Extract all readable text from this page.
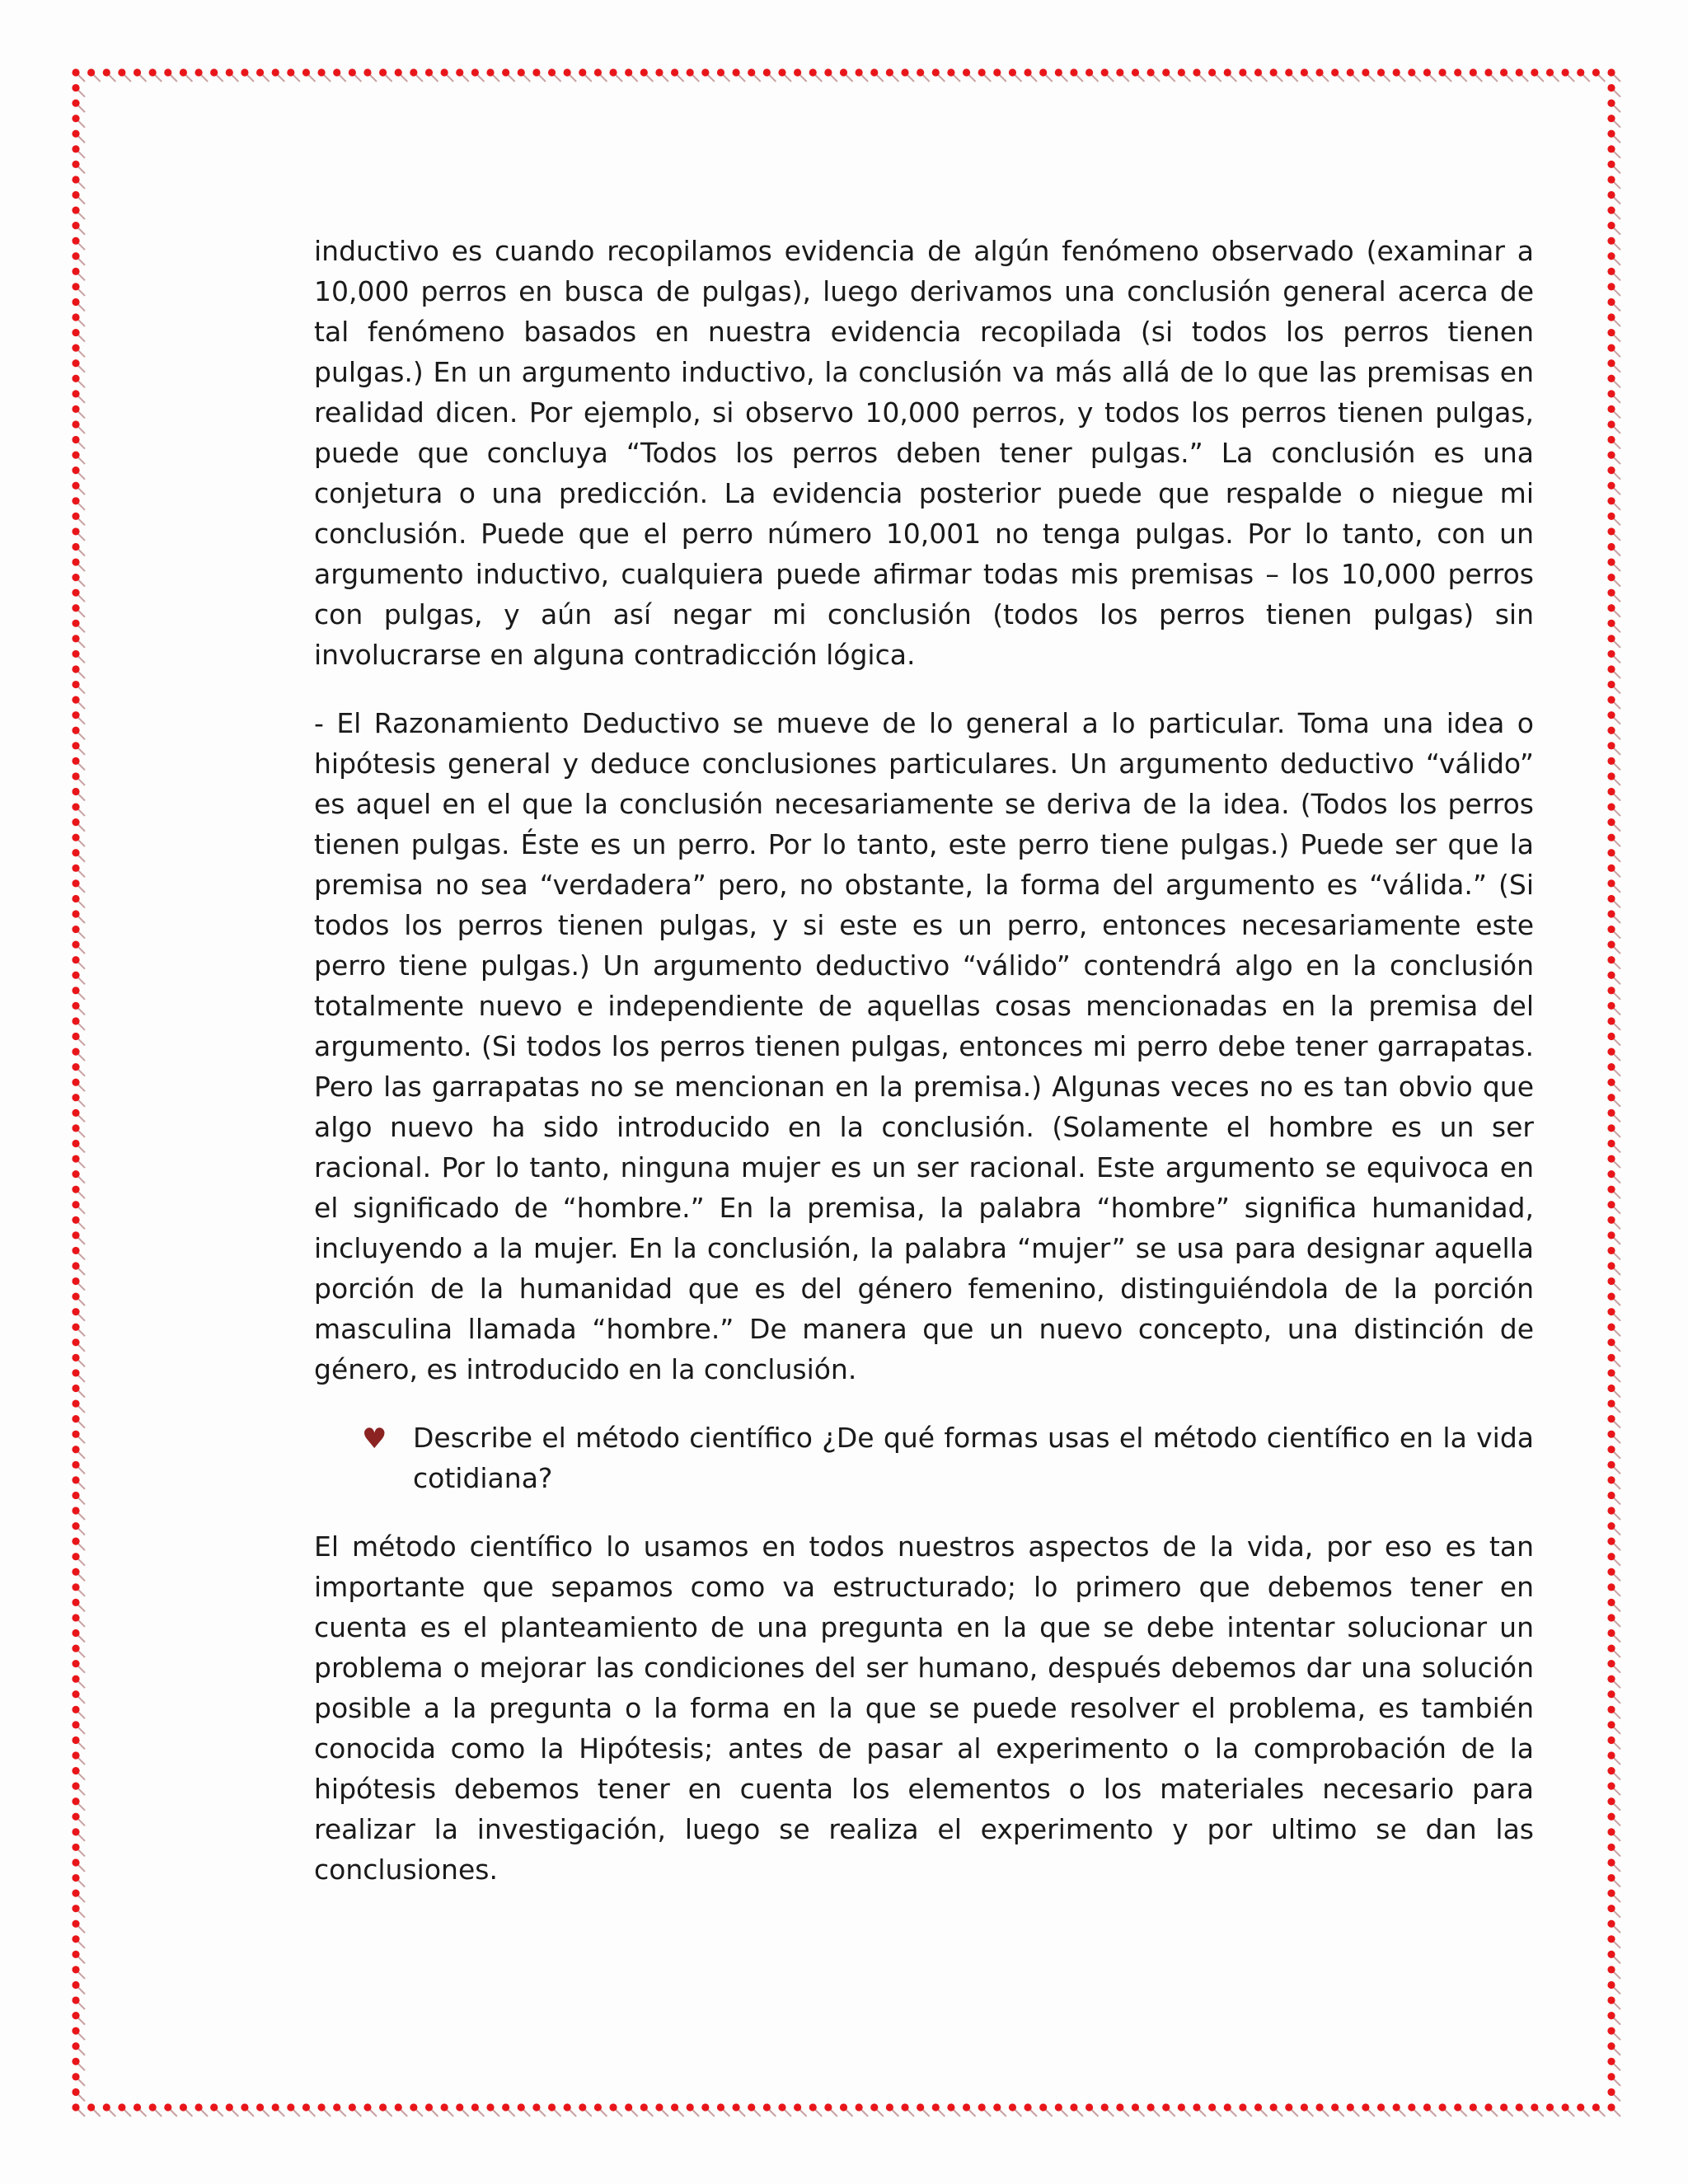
inductivo es cuando recopilamos evidencia de algún fenómeno observado (examinar a 10,000 perros en busca de pulgas), luego derivamos una conclusión general acerca de tal fenómeno basados en nuestra evidencia recopilada (si todos los perros tienen pulgas.) En un argumento inductivo, la conclusión va más allá de lo que las premisas en realidad dicen. Por ejemplo, si observo 10,000 perros, y todos los perros tienen pulgas, puede que concluya “Todos los perros deben tener pulgas.” La conclusión es una conjetura o una predicción. La evidencia posterior puede que respalde o niegue mi conclusión. Puede que el perro número 10,001 no tenga pulgas. Por lo tanto, con un argumento inductivo, cualquiera puede afirmar todas mis premisas – los 10,000 perros con pulgas, y aún así negar mi conclusión (todos los perros tienen pulgas) sin involucrarse en alguna contradicción lógica.

- El Razonamiento Deductivo se mueve de lo general a lo particular. Toma una idea o hipótesis general y deduce conclusiones particulares. Un argumento deductivo “válido” es aquel en el que la conclusión necesariamente se deriva de la idea. (Todos los perros tienen pulgas. Éste es un perro. Por lo tanto, este perro tiene pulgas.) Puede ser que la premisa no sea “verdadera” pero, no obstante, la forma del argumento es “válida.” (Si todos los perros tienen pulgas, y si este es un perro, entonces necesariamente este perro tiene pulgas.) Un argumento deductivo “válido” contendrá algo en la conclusión totalmente nuevo e independiente de aquellas cosas mencionadas en la premisa del argumento. (Si todos los perros tienen pulgas, entonces mi perro debe tener garrapatas. Pero las garrapatas no se mencionan en la premisa.) Algunas veces no es tan obvio que algo nuevo ha sido introducido en la conclusión. (Solamente el hombre es un ser racional. Por lo tanto, ninguna mujer es un ser racional. Este argumento se equivoca en el significado de “hombre.” En la premisa, la palabra “hombre” significa humanidad, incluyendo a la mujer. En la conclusión, la palabra “mujer” se usa para designar aquella porción de la humanidad que es del género femenino, distinguiéndola de la porción masculina llamada “hombre.” De manera que un nuevo concepto, una distinción de género, es introducido en la conclusión.

♥ Describe el método científico ¿De qué formas usas el método científico en la vida cotidiana?

El método científico lo usamos en todos nuestros aspectos de la vida, por eso es tan importante que sepamos como va estructurado; lo primero que debemos tener en cuenta es el planteamiento de una pregunta en la que se debe intentar solucionar un problema o mejorar las condiciones del ser humano, después debemos dar una solución posible a la pregunta o la forma en la que se puede resolver el problema, es también conocida como la Hipótesis; antes de pasar al experimento o la comprobación de la hipótesis debemos tener en cuenta los elementos o los materiales necesario para realizar la investigación, luego se realiza el experimento y por ultimo se dan las conclusiones.
